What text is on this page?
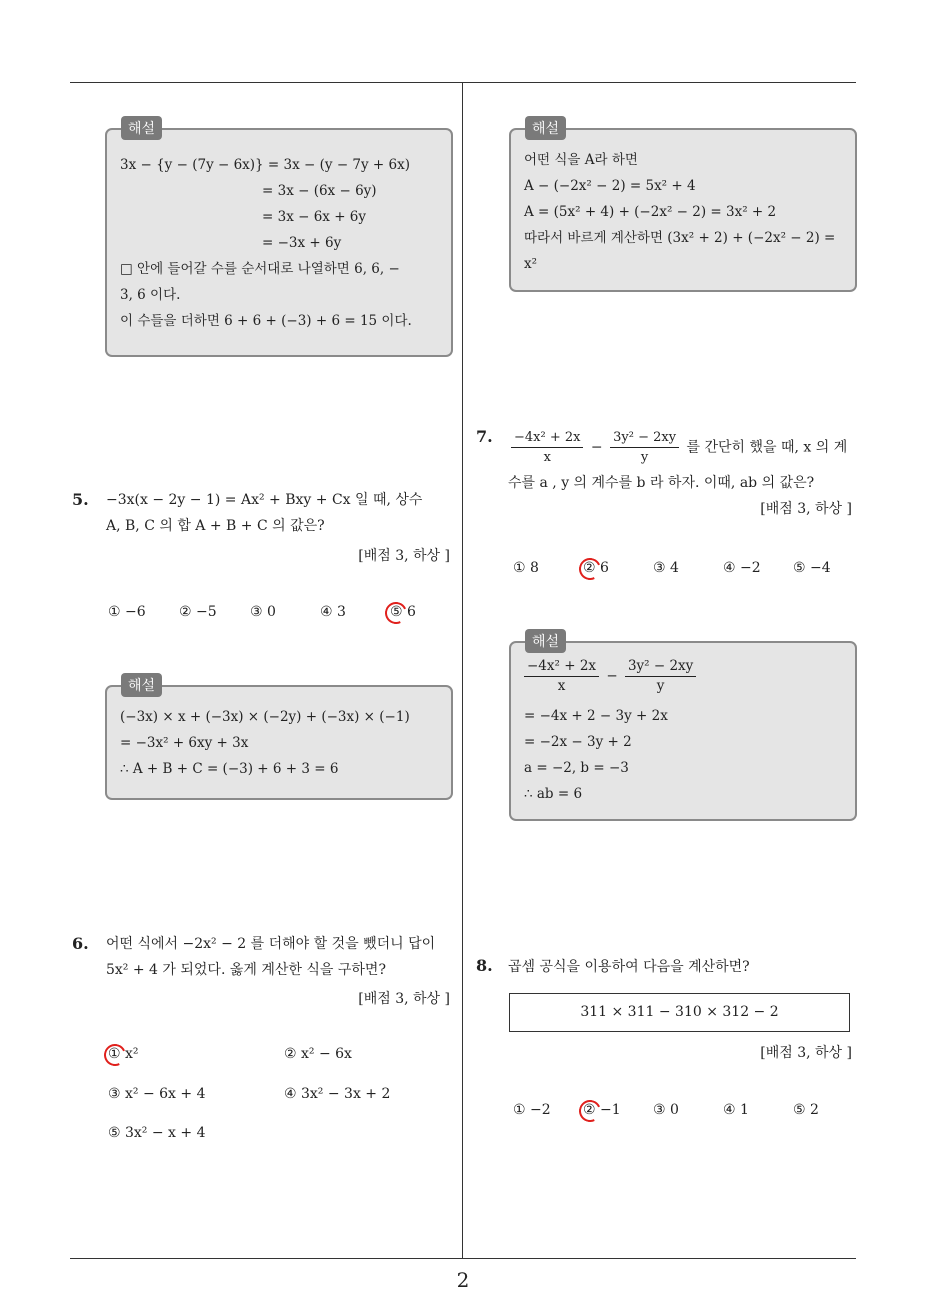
해설
3x − {y − (7y − 6x)} = 3x − (y − 7y + 6x)
= 3x − (6x − 6y)
= 3x − 6x + 6y
= −3x + 6y
□ 안에 들어갈 수를 순서대로 나열하면 6, 6, −
3, 6 이다.
이 수들을 더하면 6 + 6 + (−3) + 6 = 15 이다.
해설
어떤 식을 A라 하면
A − (−2x² − 2) = 5x² + 4
A = (5x² + 4) + (−2x² − 2) = 3x² + 2
따라서 바르게 계산하면 (3x² + 2) + (−2x² − 2) =
x²
5. −3x(x − 2y − 1) = Ax² + Bxy + Cx 일 때, 상수
A, B, C 의 합 A + B + C 의 값은?
[배점 3, 하상 ]
① −6 ② −5 ③ 0	④ 3	⑤ 6
해설
(−3x) × x + (−3x) × (−2y) + (−3x) × (−1)
= −3x² + 6xy + 3x
∴ A + B + C = (−3) + 6 + 3 = 6
6. 어떤 식에서 −2x² − 2 를 더해야 할 것을 뺐더니 답이
5x² + 4 가 되었다. 옳게 계산한 식을 구하면?
[배점 3, 하상 ]
① x²	② x² − 6x
③ x² − 6x + 4	④ 3x² − 3x + 2
⑤ 3x² − x + 4
7. $\frac{\text{−4x² + 2x}}{x} - \frac{\text{3y² − 2xy}}{y}$ 를 간단히 했을 때, x 의 계
수를 a , y 의 계수를 b 라 하자. 이때, ab 의 값은?
[배점 3, 하상 ]
① 8	② 6	③ 4	④ −2 ⑤ −4
해설
$\frac{\text{−4x² + 2x}}{x} - \frac{\text{3y² − 2xy}}{y}$
= −4x + 2 − 3y + 2x
= −2x − 3y + 2
a = −2, b = −3
∴ ab = 6
8. 곱셈 공식을 이용하여 다음을 계산하면?
311 × 311 − 310 × 312 − 2
[배점 3, 하상 ]
① −2 ② −1 ③ 0	④ 1	⑤ 2
2
